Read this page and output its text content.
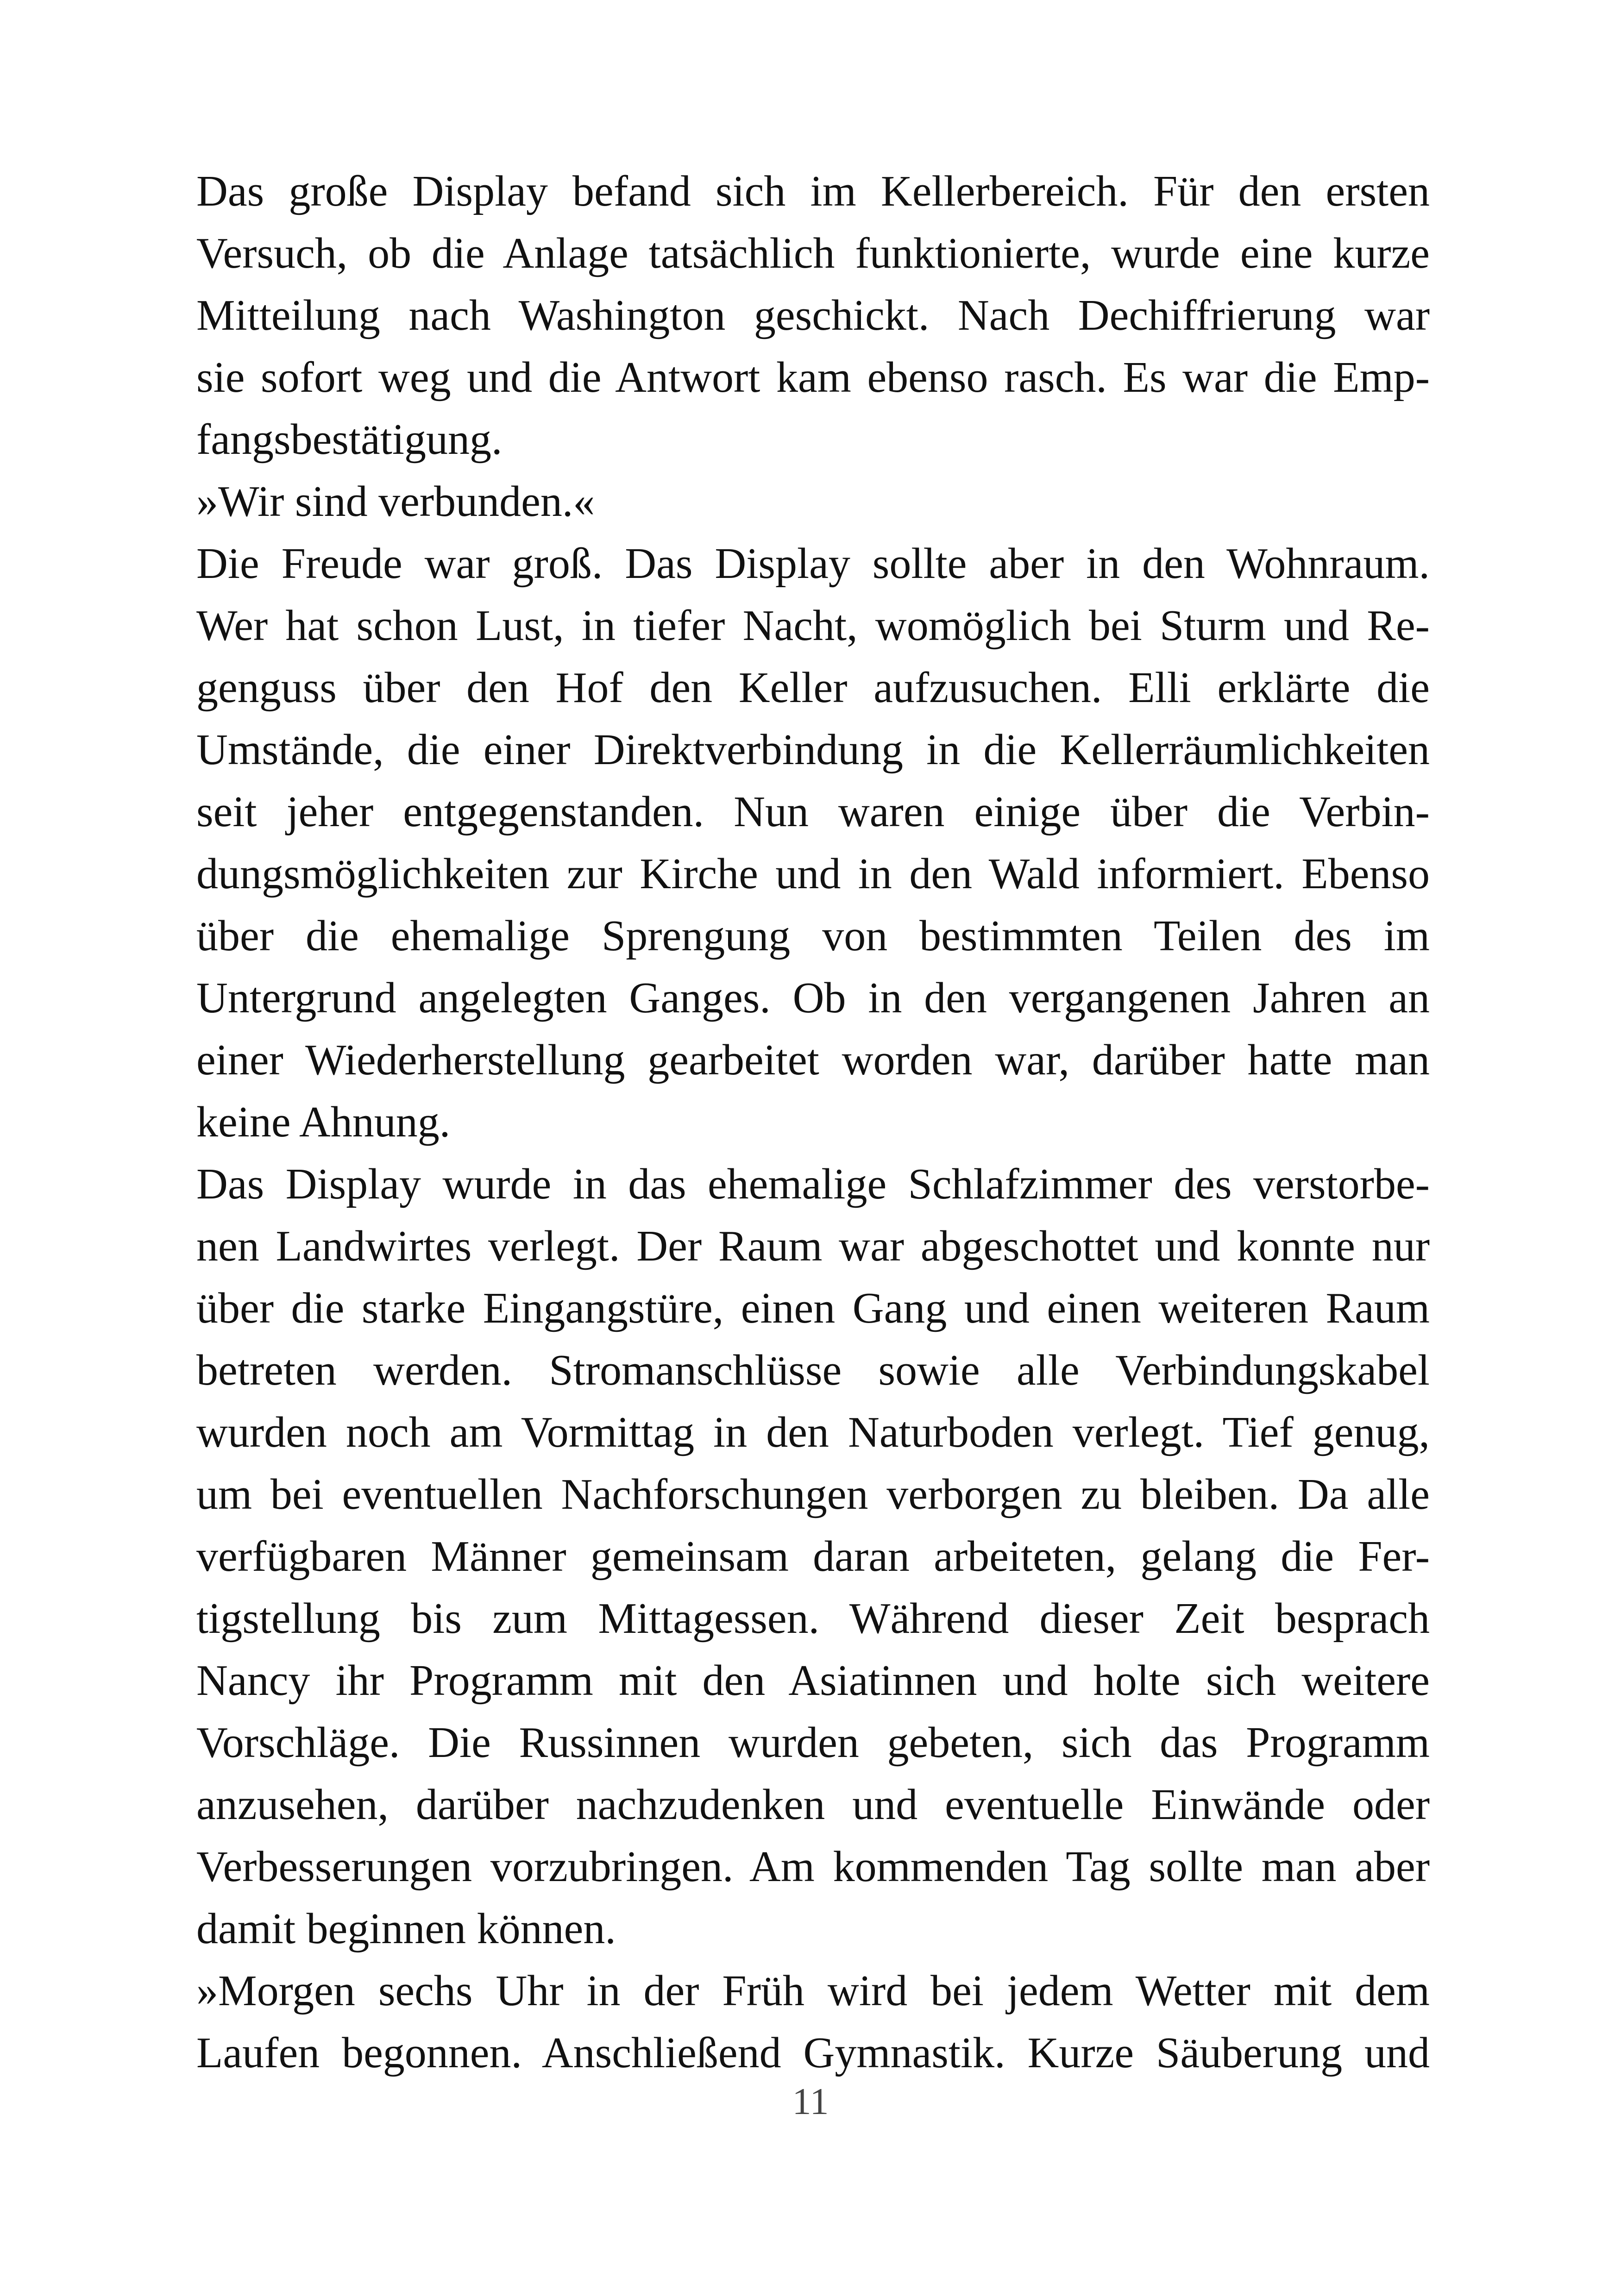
Das große Display befand sich im Kellerbereich. Für den ersten
Versuch, ob die Anlage tatsächlich funktionierte, wurde eine kurze
Mitteilung nach Washington geschickt. Nach Dechiffrierung war
sie sofort weg und die Antwort kam ebenso rasch. Es war die Emp-
fangsbestätigung.
»Wir sind verbunden.«
Die Freude war groß. Das Display sollte aber in den Wohnraum.
Wer hat schon Lust, in tiefer Nacht, womöglich bei Sturm und Re-
genguss über den Hof den Keller aufzusuchen. Elli erklärte die
Umstände, die einer Direktverbindung in die Kellerräumlichkeiten
seit jeher entgegenstanden. Nun waren einige über die Verbin-
dungsmöglichkeiten zur Kirche und in den Wald informiert. Ebenso
über die ehemalige Sprengung von bestimmten Teilen des im
Untergrund angelegten Ganges. Ob in den vergangenen Jahren an
einer Wiederherstellung gearbeitet worden war, darüber hatte man
keine Ahnung.
Das Display wurde in das ehemalige Schlafzimmer des verstorbe-
nen Landwirtes verlegt. Der Raum war abgeschottet und konnte nur
über die starke Eingangstüre, einen Gang und einen weiteren Raum
betreten werden. Stromanschlüsse sowie alle Verbindungskabel
wurden noch am Vormittag in den Naturboden verlegt. Tief genug,
um bei eventuellen Nachforschungen verborgen zu bleiben. Da alle
verfügbaren Männer gemeinsam daran arbeiteten, gelang die Fer-
tigstellung bis zum Mittagessen. Während dieser Zeit besprach
Nancy ihr Programm mit den Asiatinnen und holte sich weitere
Vorschläge. Die Russinnen wurden gebeten, sich das Programm
anzusehen, darüber nachzudenken und eventuelle Einwände oder
Verbesserungen vorzubringen. Am kommenden Tag sollte man aber
damit beginnen können.
»Morgen sechs Uhr in der Früh wird bei jedem Wetter mit dem
Laufen begonnen. Anschließend Gymnastik. Kurze Säuberung und
11
